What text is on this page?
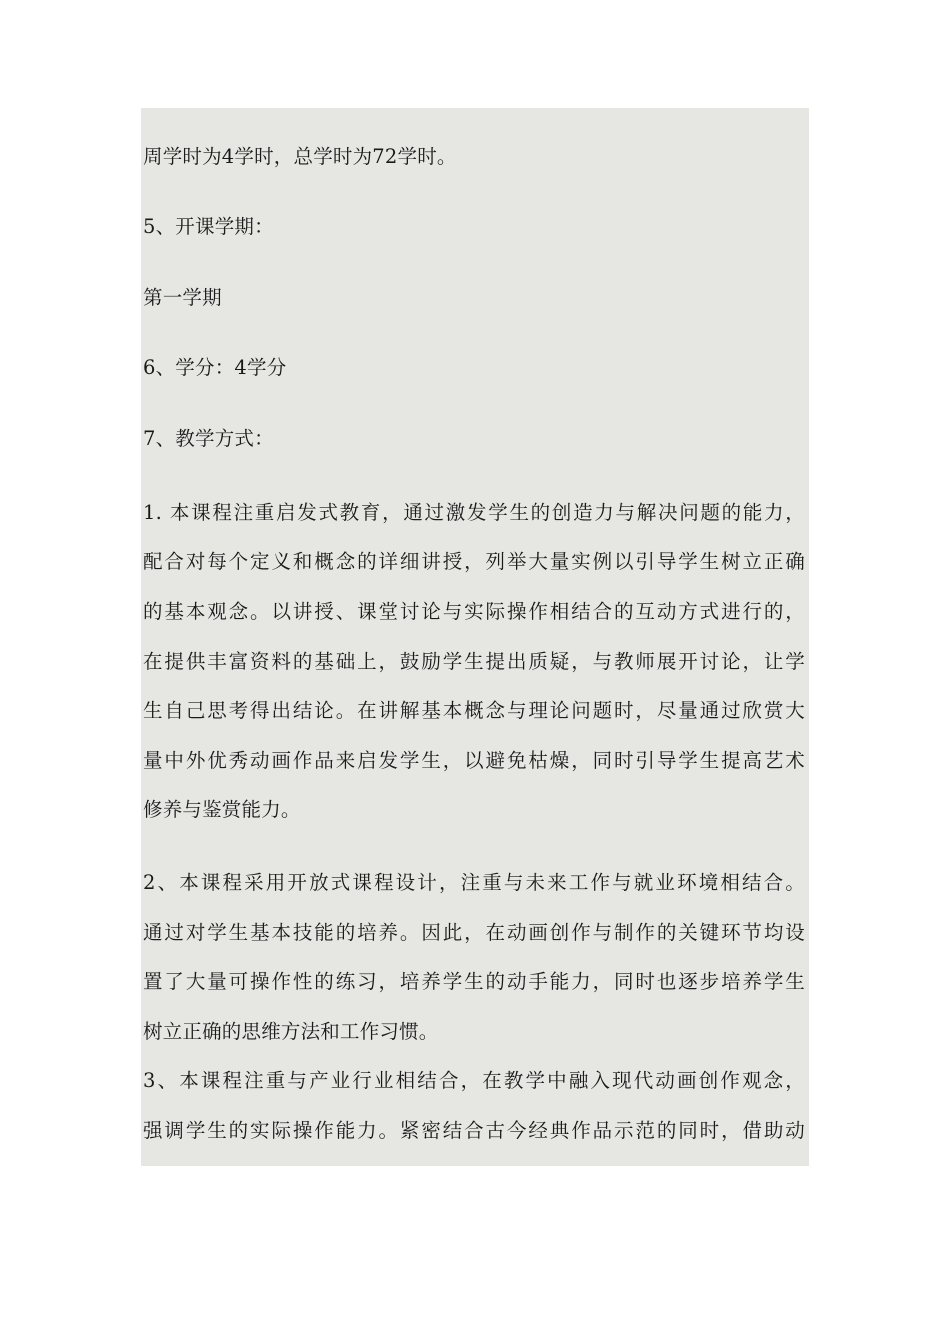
周学时为4学时，总学时为72学时。
5、开课学期：
第一学期
6、学分：4学分
7、教学方式：
1. 本课程注重启发式教育，通过激发学生的创造力与解决问题的能力，
配合对每个定义和概念的详细讲授，列举大量实例以引导学生树立正确
的基本观念。以讲授、课堂讨论与实际操作相结合的互动方式进行的，
在提供丰富资料的基础上，鼓励学生提出质疑，与教师展开讨论，让学
生自己思考得出结论。在讲解基本概念与理论问题时，尽量通过欣赏大
量中外优秀动画作品来启发学生，以避免枯燥，同时引导学生提高艺术
修养与鉴赏能力。
2、本课程采用开放式课程设计，注重与未来工作与就业环境相结合。
通过对学生基本技能的培养。因此，在动画创作与制作的关键环节均设
置了大量可操作性的练习，培养学生的动手能力，同时也逐步培养学生
树立正确的思维方法和工作习惯。
3、本课程注重与产业行业相结合，在教学中融入现代动画创作观念，
强调学生的实际操作能力。紧密结合古今经典作品示范的同时，借助动
